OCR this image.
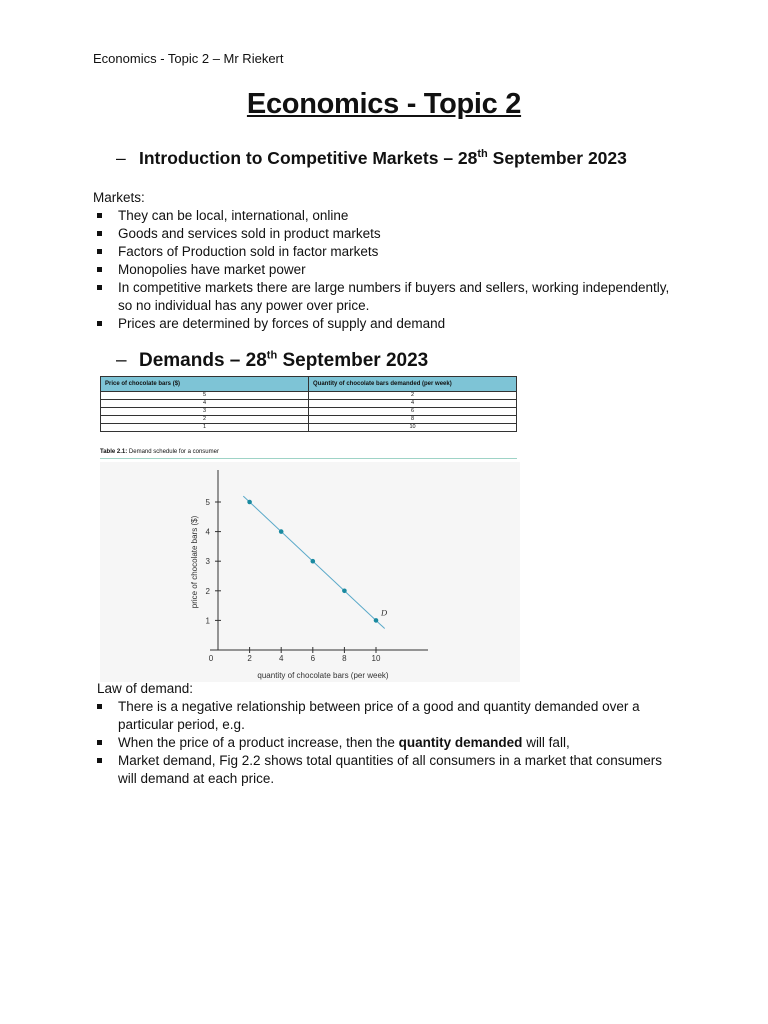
Economics - Topic 2 – Mr Riekert
Economics - Topic 2
– Introduction to Competitive Markets – 28th September 2023
Markets:
They can be local, international, online
Goods and services sold in product markets
Factors of Production sold in factor markets
Monopolies have market power
In competitive markets there are large numbers if buyers and sellers, working independently, so no individual has any power over price.
Prices are determined by forces of supply and demand
– Demands – 28th September 2023
Price of chocolate bars ($)	Quantity of chocolate bars demanded (per week)
5	2
4	4
3	6
2	8
1	10
Table 2.1: Demand schedule for a consumer
1
2
3
4
5
2	4	6	8	10
0
price of chocolate bars ($)
quantity of chocolate bars (per week)
D
Law of demand:
There is a negative relationship between price of a good and quantity demanded over a particular period, e.g.
When the price of a product increase, then the quantity demanded will fall,
Market demand, Fig 2.2 shows total quantities of all consumers in a market that consumers will demand at each price.
